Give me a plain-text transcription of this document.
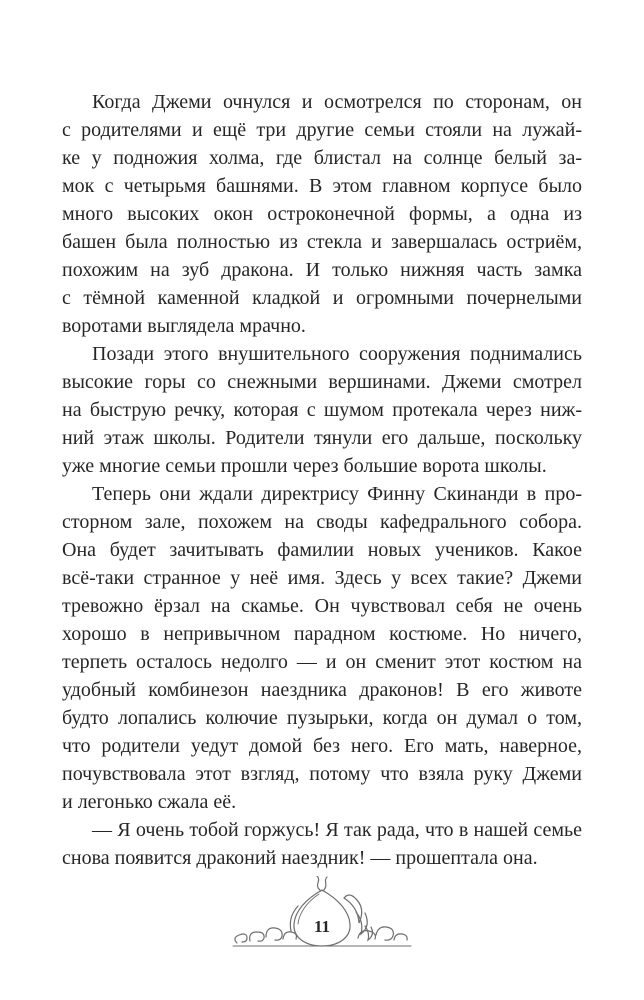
Когда Джеми очнулся и осмотрелся по сторонам, он
с родителями и ещё три другие семьи стояли на лужай-
ке у подножия холма, где блистал на солнце белый за-
мок с четырьмя башнями. В этом главном корпусе было
много высоких окон остроконечной формы, а одна из
башен была полностью из стекла и завершалась остриём,
похожим на зуб дракона. И только нижняя часть замка
с тёмной каменной кладкой и огромными почернелыми
воротами выглядела мрачно.
Позади этого внушительного сооружения поднимались
высокие горы со снежными вершинами. Джеми смотрел
на быструю речку, которая с шумом протекала через ниж-
ний этаж школы. Родители тянули его дальше, поскольку
уже многие семьи прошли через большие ворота школы.
Теперь они ждали директрису Финну Скинанди в про-
сторном зале, похожем на своды кафедрального собора.
Она будет зачитывать фамилии новых учеников. Какое
всё-таки странное у неё имя. Здесь у всех такие? Джеми
тревожно ёрзал на скамье. Он чувствовал себя не очень
хорошо в непривычном парадном костюме. Но ничего,
терпеть осталось недолго — и он сменит этот костюм на
удобный комбинезон наездника драконов! В его животе
будто лопались колючие пузырьки, когда он думал о том,
что родители уедут домой без него. Его мать, наверное,
почувствовала этот взгляд, потому что взяла руку Джеми
и легонько сжала её.
— Я очень тобой горжусь! Я так рада, что в нашей семье
снова появится драконий наездник! — прошептала она.
11
